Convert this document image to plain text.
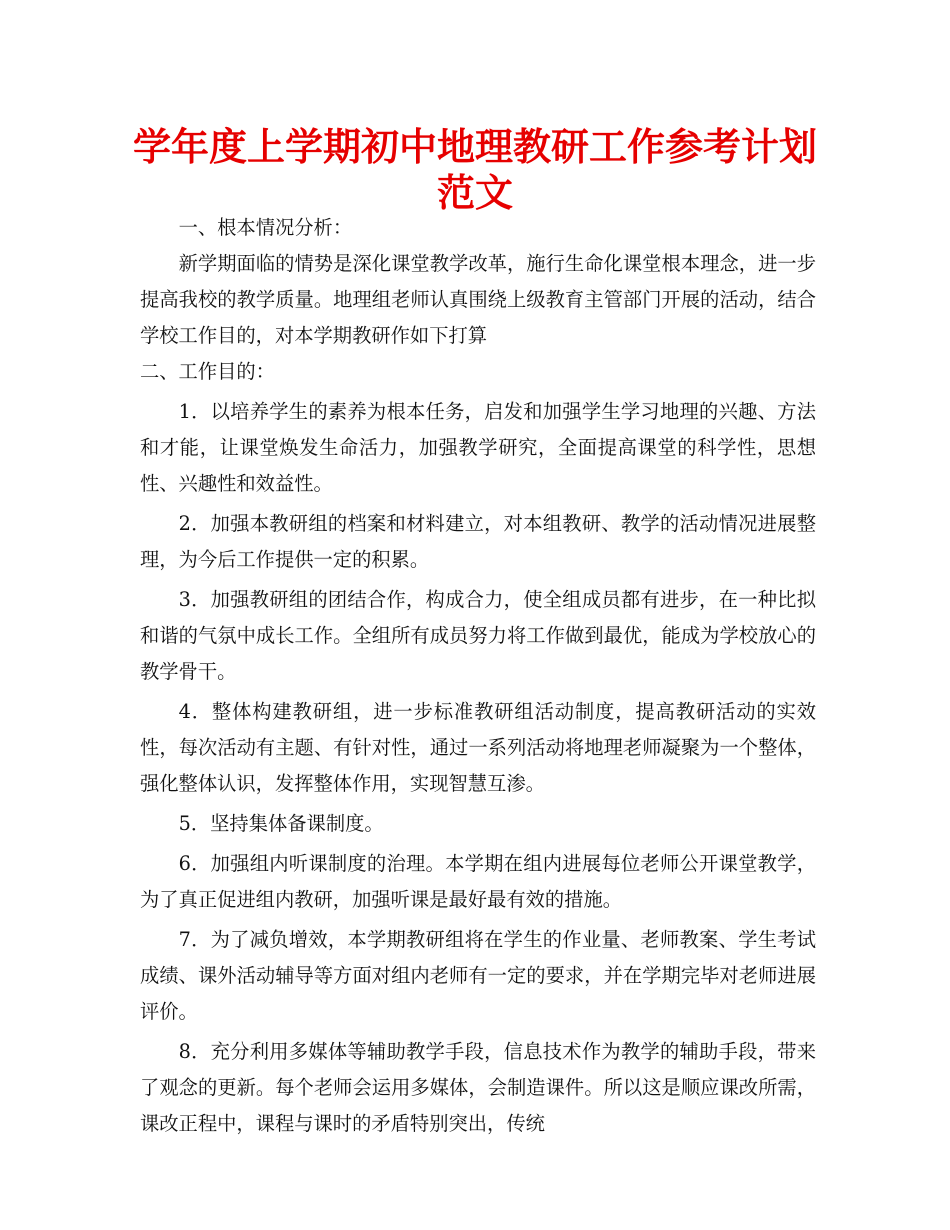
学年度上学期初中地理教研工作参考计划
范文

一、根本情况分析：

新学期面临的情势是深化课堂教学改革，施行生命化课堂根本理念，进一步提高我校的教学质量。地理组老师认真围绕上级教育主管部门开展的活动，结合学校工作目的，对本学期教研作如下打算

二、工作目的：

1．以培养学生的素养为根本任务，启发和加强学生学习地理的兴趣、方法和才能，让课堂焕发生命活力，加强教学研究，全面提高课堂的科学性，思想性、兴趣性和效益性。

2．加强本教研组的档案和材料建立，对本组教研、教学的活动情况进展整理，为今后工作提供一定的积累。

3．加强教研组的团结合作，构成合力，使全组成员都有进步，在一种比拟和谐的气氛中成长工作。全组所有成员努力将工作做到最优，能成为学校放心的教学骨干。

4．整体构建教研组，进一步标准教研组活动制度，提高教研活动的实效性，每次活动有主题、有针对性，通过一系列活动将地理老师凝聚为一个整体，强化整体认识，发挥整体作用，实现智慧互渗。

5．坚持集体备课制度。

6．加强组内听课制度的治理。本学期在组内进展每位老师公开课堂教学，为了真正促进组内教研，加强听课是最好最有效的措施。

7．为了减负增效，本学期教研组将在学生的作业量、老师教案、学生考试成绩、课外活动辅导等方面对组内老师有一定的要求，并在学期完毕对老师进展评价。

8．充分利用多媒体等辅助教学手段，信息技术作为教学的辅助手段，带来了观念的更新。每个老师会运用多媒体，会制造课件。所以这是顺应课改所需，课改正程中，课程与课时的矛盾特别突出，传统
